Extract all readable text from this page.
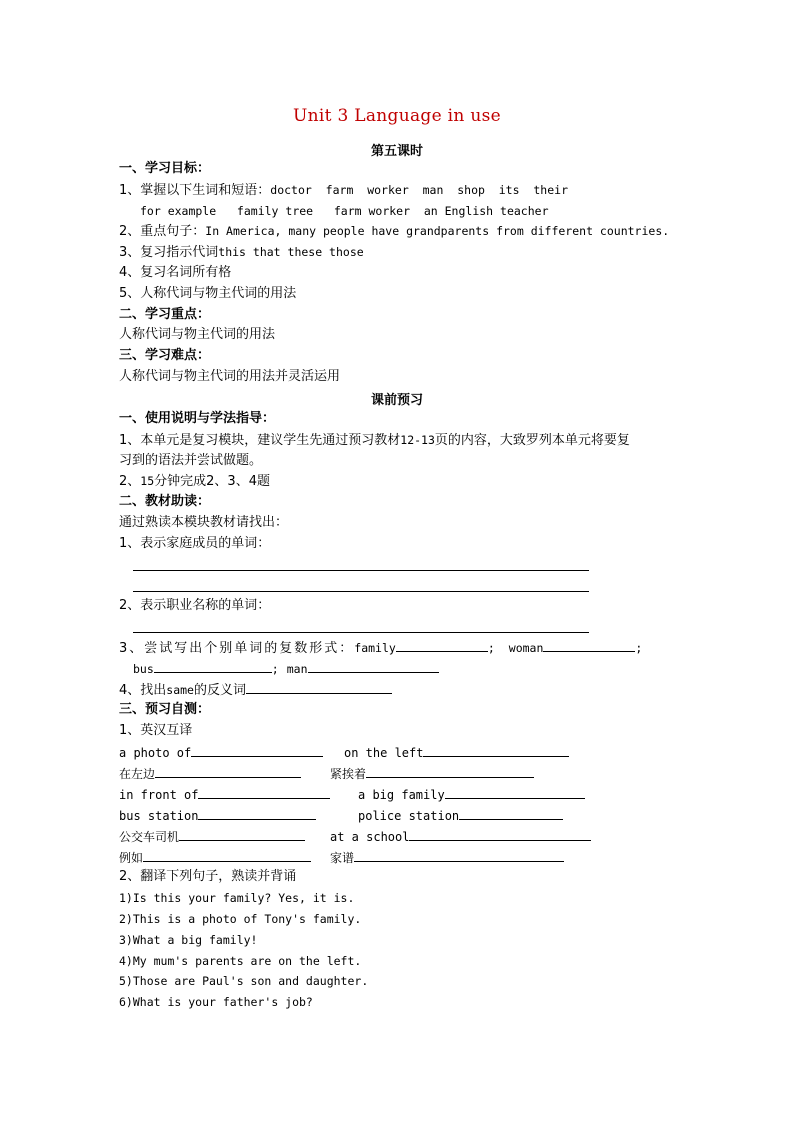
Unit 3 Language in use
第五课时
一、学习目标：
1、掌握以下生词和短语：doctor  farm  worker  man  shop  its  their
for example   family tree   farm worker  an English teacher
2、重点句子：In America, many people have grandparents from different countries.
3、复习指示代词this that these those
4、复习名词所有格
5、人称代词与物主代词的用法
二、学习重点：
人称代词与物主代词的用法
三、学习难点：
人称代词与物主代词的用法并灵活运用
课前预习
一、使用说明与学法指导：
1、本单元是复习模块，建议学生先通过预习教材12-13页的内容，大致罗列本单元将要复
习到的语法并尝试做题。
2、15分钟完成2、3、4题
二、教材助读：
通过熟读本模块教材请找出：
1、表示家庭成员的单词：
2、表示职业名称的单词：
3、尝试写出个别单词的复数形式：family	; woman	;
bus	; man
4、找出same的反义词
三、预习自测：
1、英汉互译
a photo of	on the left
在左边	紧挨着
in front of	a big family
bus station	police station
公交车司机	at a school
例如	家谱
2、翻译下列句子，熟读并背诵
1)Is this your family? Yes, it is.
2)This is a photo of Tony's family.
3)What a big family!
4)My mum's parents are on the left.
5)Those are Paul's son and daughter.
6)What is your father's job?
